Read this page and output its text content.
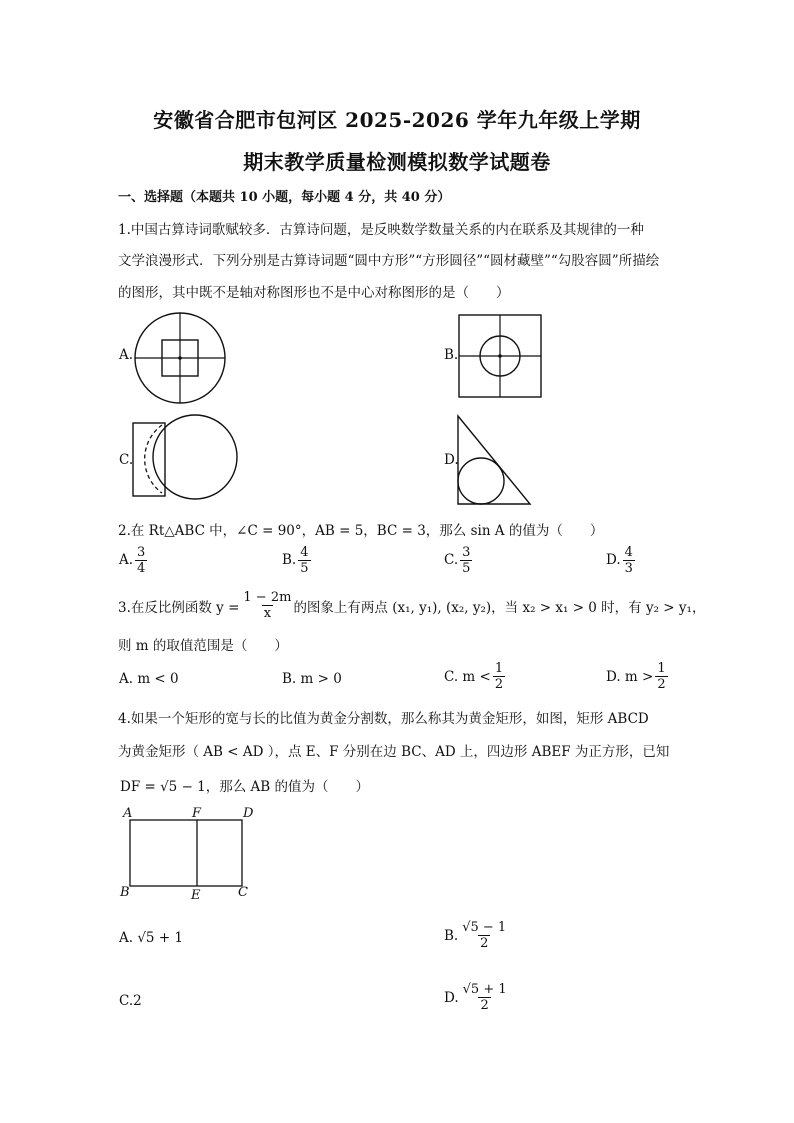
安徽省合肥市包河区 2025-2026 学年九年级上学期
期末教学质量检测模拟数学试题卷
一、选择题（本题共 10 小题，每小题 4 分，共 40 分）
1.中国古算诗词歌赋较多．古算诗问题，是反映数学数量关系的内在联系及其规律的一种
文学浪漫形式．下列分别是古算诗词题“圆中方形”“方形圆径”“圆材藏壁”“勾股容圆”所描绘
的图形，其中既不是轴对称图形也不是中心对称图形的是（　　）
A.	B.
C.	D.
2.在 Rt△ABC 中，∠C = 90°，AB = 5，BC = 3，那么 sin A 的值为（　　）
A. $\frac{3}{4}$	B. $\frac{4}{5}$	C. $\frac{3}{5}$	D. $\frac{4}{3}$
3.在反比例函数 $y = \frac{1 - 2m}{x}$ 的图象上有两点 (x₁, y₁), (x₂, y₂)，当 x₂ > x₁ > 0 时，有 y₂ > y₁，
则 m 的取值范围是（　　）
A. m < 0	B. m > 0	C. $m < \frac{1}{2}$	D. $m > \frac{1}{2}$
4.如果一个矩形的宽与长的比值为黄金分割数，那么称其为黄金矩形，如图，矩形 ABCD
为黄金矩形（ AB < AD ），点 E、F 分别在边 BC、AD 上，四边形 ABEF 为正方形，已知
DF = √5 − 1，那么 AB 的值为（　　）
A	F	D
B	E	C
A. √5 + 1	B. $\frac{√5 - 1}{2}$
C.2	D. $\frac{√5 + 1}{2}$
